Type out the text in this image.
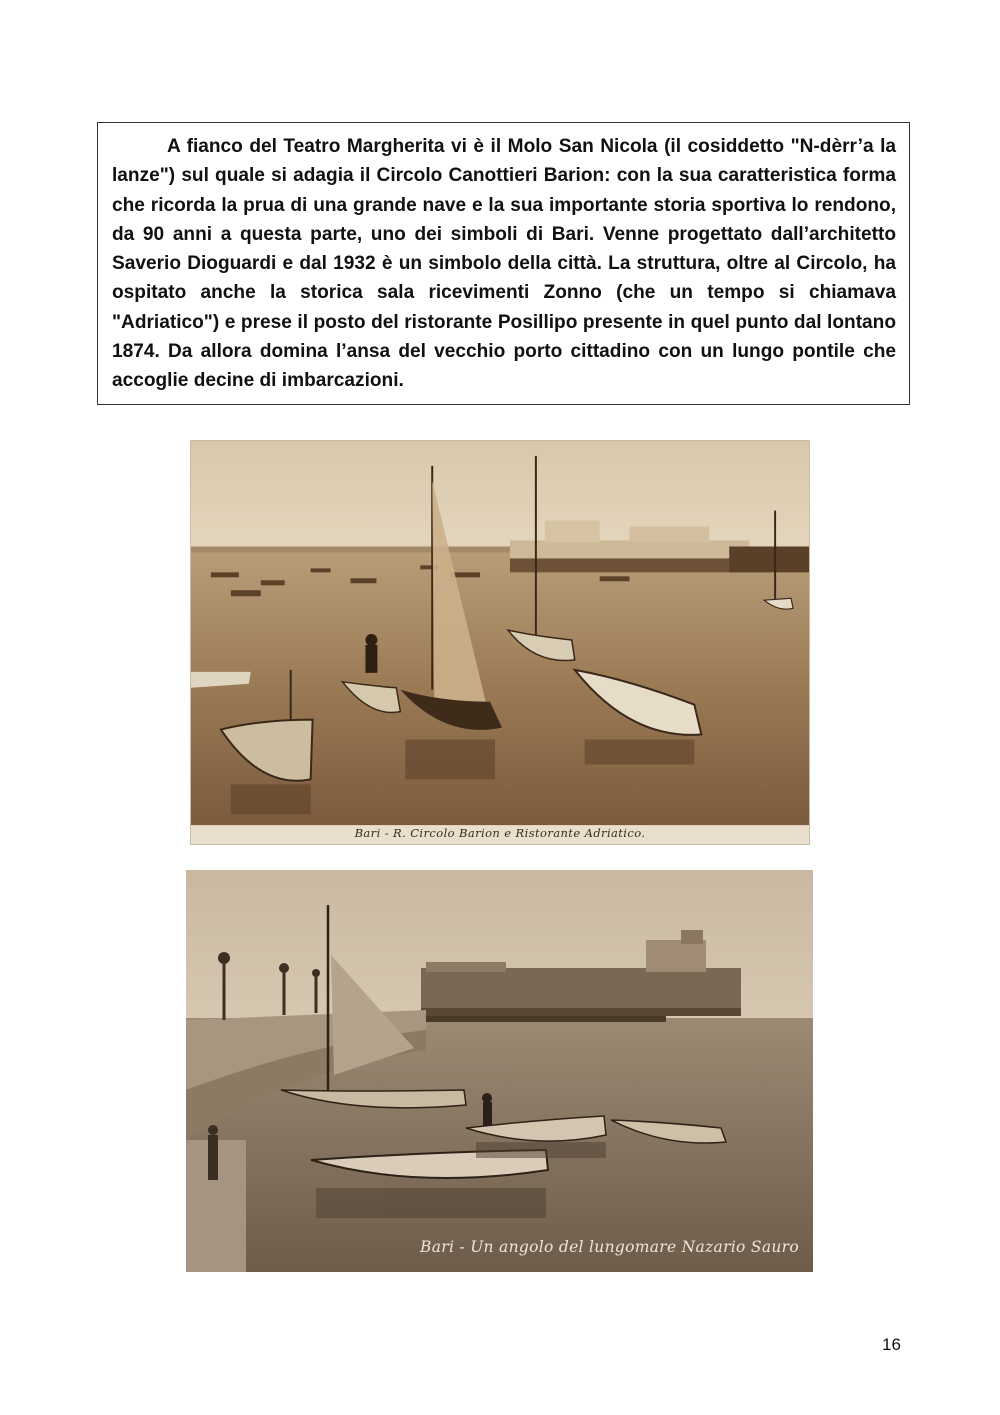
A fianco del Teatro Margherita vi è il Molo San Nicola (il cosiddetto "N-dèrr’a la lanze") sul quale si adagia il Circolo Canottieri Barion: con la sua caratteristica forma che ricorda la prua di una grande nave e la sua importante storia sportiva lo rendono, da 90 anni a questa parte, uno dei simboli di Bari. Venne progettato dall’architetto Saverio Dioguardi e dal 1932 è un simbolo della città. La struttura, oltre al Circolo, ha ospitato anche la storica sala ricevimenti Zonno (che un tempo si chiamava "Adriatico") e prese il posto del ristorante Posillipo presente in quel punto dal lontano 1874. Da allora domina l’ansa del vecchio porto cittadino con un lungo pontile che accoglie decine di imbarcazioni.

Bari - R. Circolo Barion e Ristorante Adriatico.
Bari - Un angolo del lungomare Nazario Sauro
16
